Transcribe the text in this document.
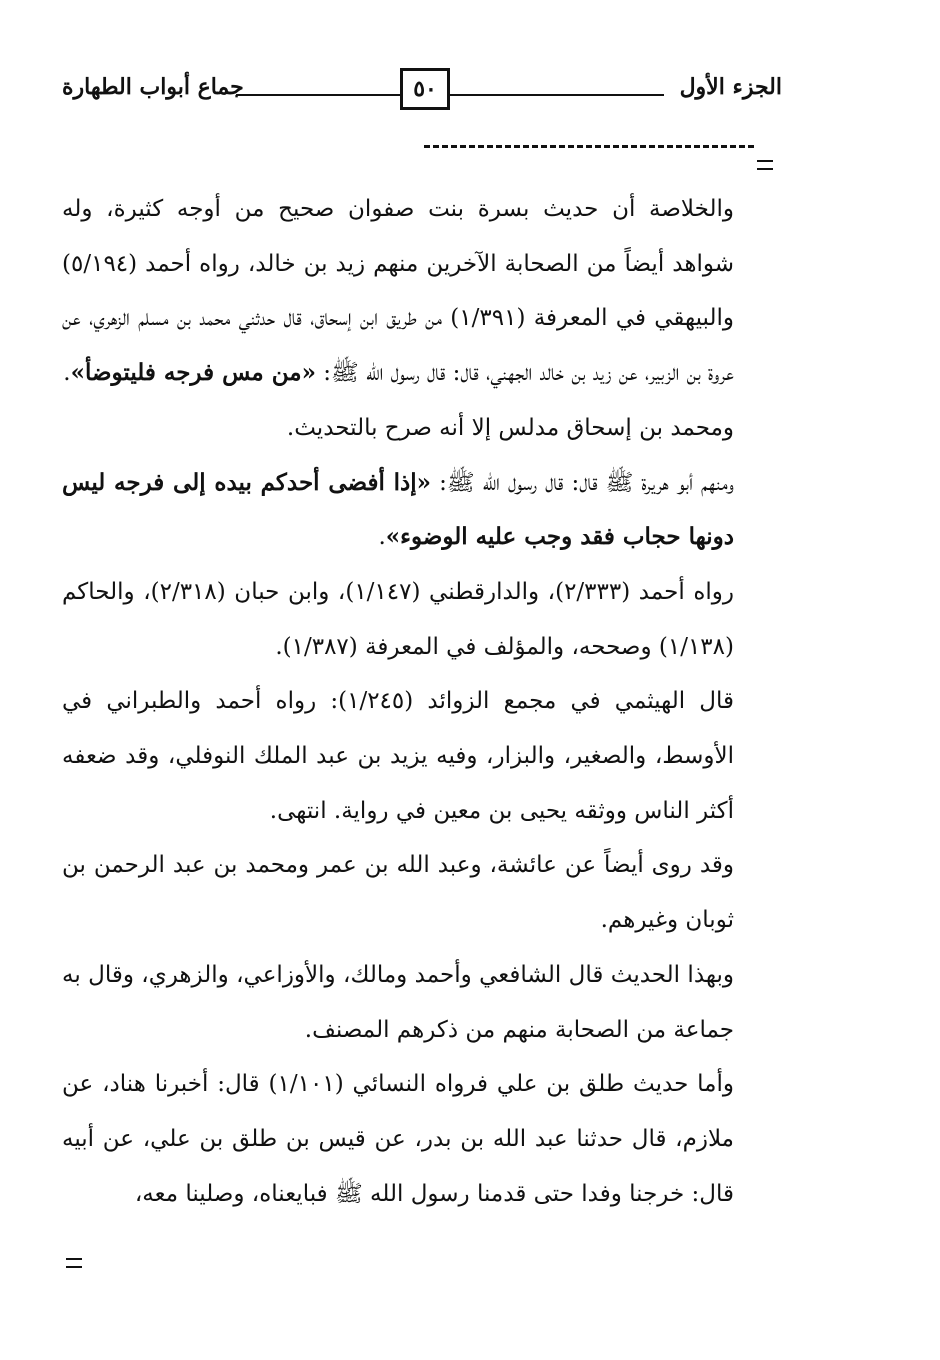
الجزء الأول
٥٠
جماع أبواب الطهارة

والخلاصة أن حديث بسرة بنت صفوان صحيح من أوجه كثيرة، وله شواهد أيضاً من الصحابة الآخرين منهم زيد بن خالد، رواه أحمد (٥/١٩٤) والبيهقي في المعرفة (١/٣٩١) من طريق ابن إسحاق، قال حدثني محمد بن مسلم الزهري، عن عروة بن الزبير، عن زيد بن خالد الجهني، قال: قال رسول الله ﷺ: «من مس فرجه فليتوضأ».

ومحمد بن إسحاق مدلس إلا أنه صرح بالتحديث.

ومنهم أبو هريرة ﷺ قال: قال رسول الله ﷺ: «إذا أفضى أحدكم بيده إلى فرجه ليس دونها حجاب فقد وجب عليه الوضوء».

رواه أحمد (٢/٣٣٣)، والدارقطني (١/١٤٧)، وابن حبان (٢/٣١٨)، والحاكم (١/١٣٨) وصححه، والمؤلف في المعرفة (١/٣٨٧).

قال الهيثمي في مجمع الزوائد (١/٢٤٥): رواه أحمد والطبراني في الأوسط، والصغير، والبزار، وفيه يزيد بن عبد الملك النوفلي، وقد ضعفه أكثر الناس ووثقه يحيى بن معين في رواية. انتهى.

وقد روى أيضاً عن عائشة، وعبد الله بن عمر ومحمد بن عبد الرحمن بن ثوبان وغيرهم.

وبهذا الحديث قال الشافعي وأحمد ومالك، والأوزاعي، والزهري، وقال به جماعة من الصحابة منهم من ذكرهم المصنف.

وأما حديث طلق بن علي فرواه النسائي (١/١٠١) قال: أخبرنا هناد، عن ملازم، قال حدثنا عبد الله بن بدر، عن قيس بن طلق بن علي، عن أبيه قال: خرجنا وفدا حتى قدمنا رسول الله ﷺ فبايعناه، وصلينا معه،
